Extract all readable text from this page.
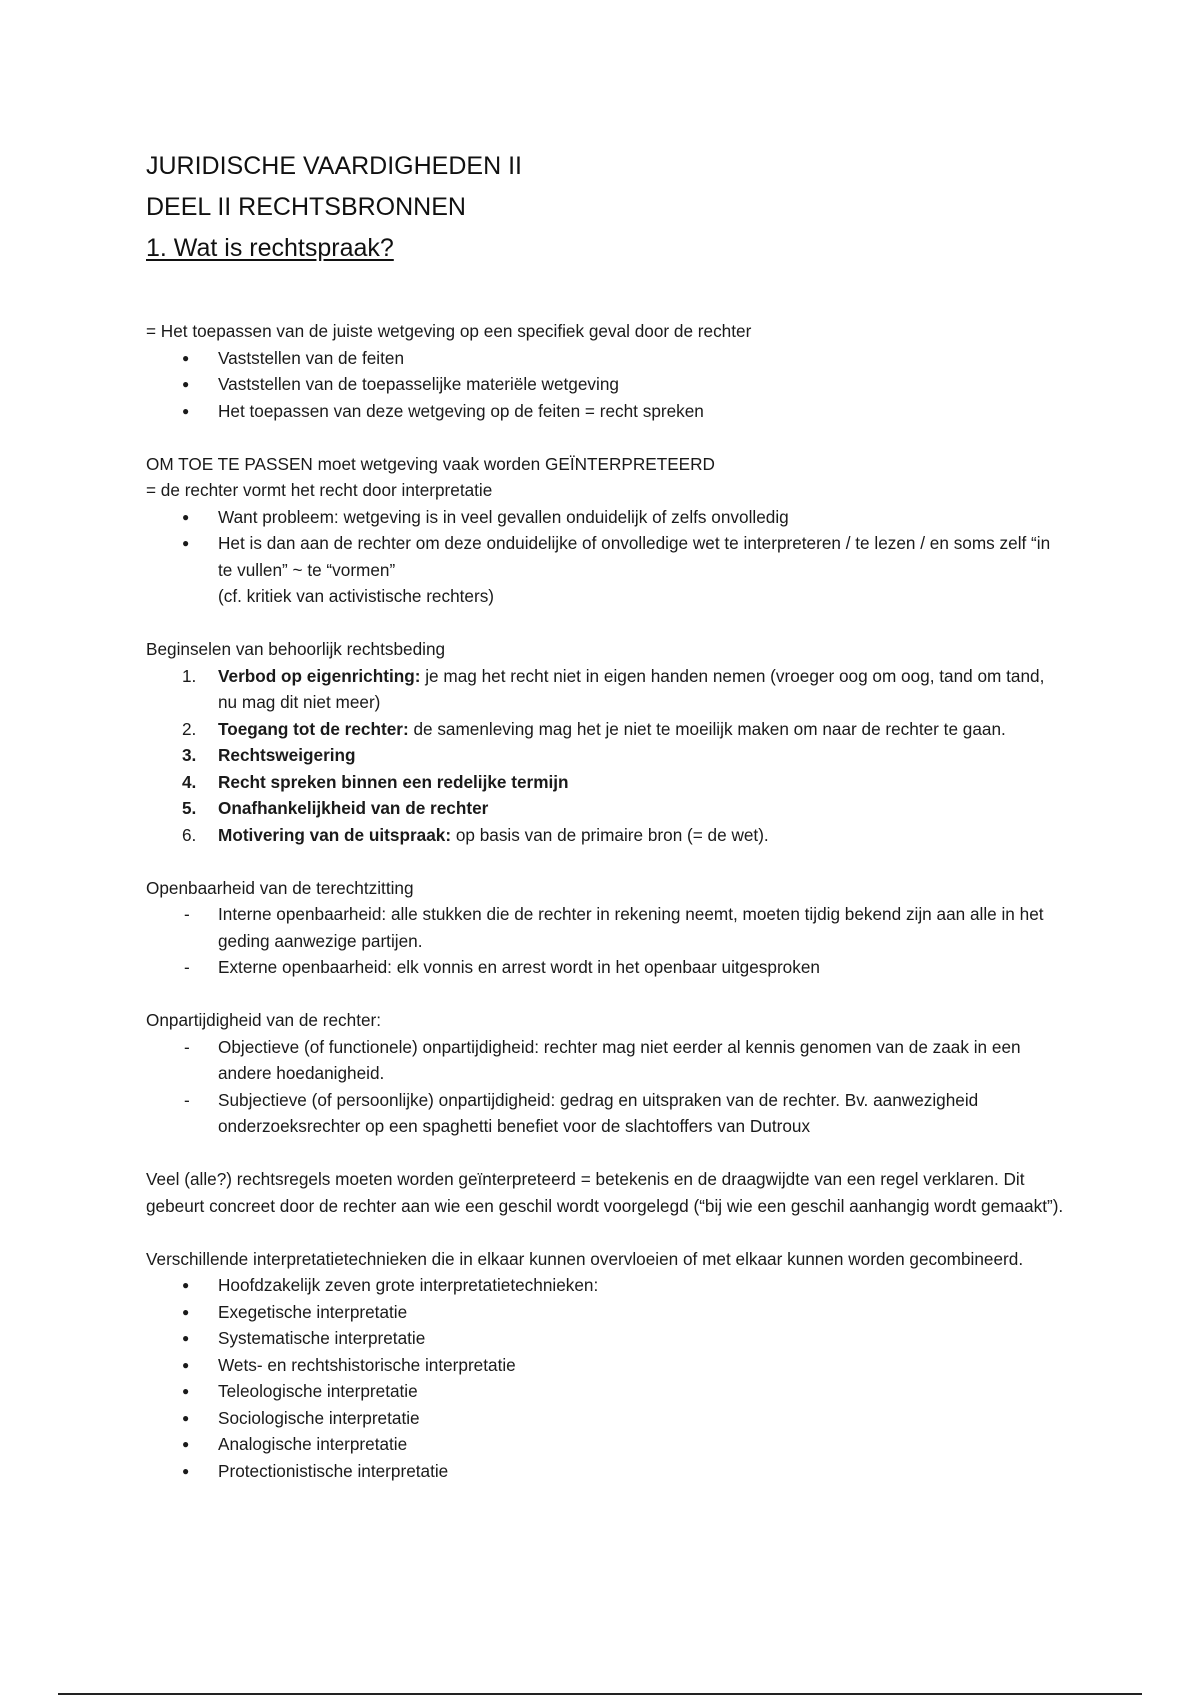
JURIDISCHE VAARDIGHEDEN II
DEEL II RECHTSBRONNEN
1. Wat is rechtspraak?

= Het toepassen van de juiste wetgeving op een specifiek geval door de rechter

● Vaststellen van de feiten
● Vaststellen van de toepasselijke materiële wetgeving
● Het toepassen van deze wetgeving op de feiten = recht spreken

OM TOE TE PASSEN moet wetgeving vaak worden GEÏNTERPRETEERD

= de rechter vormt het recht door interpretatie

● Want probleem: wetgeving is in veel gevallen onduidelijk of zelfs onvolledig
● Het is dan aan de rechter om deze onduidelijke of onvolledige wet te interpreteren / te lezen / en soms zelf “in te vullen” ~ te “vormen”
(cf. kritiek van activistische rechters)

Beginselen van behoorlijk rechtsbeding

1. Verbod op eigenrichting: je mag het recht niet in eigen handen nemen (vroeger oog om oog, tand om tand, nu mag dit niet meer)
2. Toegang tot de rechter: de samenleving mag het je niet te moeilijk maken om naar de rechter te gaan.
3. Rechtsweigering
4. Recht spreken binnen een redelijke termijn
5. Onafhankelijkheid van de rechter
6. Motivering van de uitspraak: op basis van de primaire bron (= de wet).

Openbaarheid van de terechtzitting

- Interne openbaarheid: alle stukken die de rechter in rekening neemt, moeten tijdig bekend zijn aan alle in het geding aanwezige partijen.
- Externe openbaarheid: elk vonnis en arrest wordt in het openbaar uitgesproken

Onpartijdigheid van de rechter:

- Objectieve (of functionele) onpartijdigheid: rechter mag niet eerder al kennis genomen van de zaak in een andere hoedanigheid.
- Subjectieve (of persoonlijke) onpartijdigheid: gedrag en uitspraken van de rechter. Bv. aanwezigheid onderzoeksrechter op een spaghetti benefiet voor de slachtoffers van Dutroux

Veel (alle?) rechtsregels moeten worden geïnterpreteerd = betekenis en de draagwijdte van een regel verklaren. Dit gebeurt concreet door de rechter aan wie een geschil wordt voorgelegd (“bij wie een geschil aanhangig wordt gemaakt”).

Verschillende interpretatietechnieken die in elkaar kunnen overvloeien of met elkaar kunnen worden gecombineerd.

● Hoofdzakelijk zeven grote interpretatietechnieken:
● Exegetische interpretatie
● Systematische interpretatie
● Wets- en rechtshistorische interpretatie
● Teleologische interpretatie
● Sociologische interpretatie
● Analogische interpretatie
● Protectionistische interpretatie
